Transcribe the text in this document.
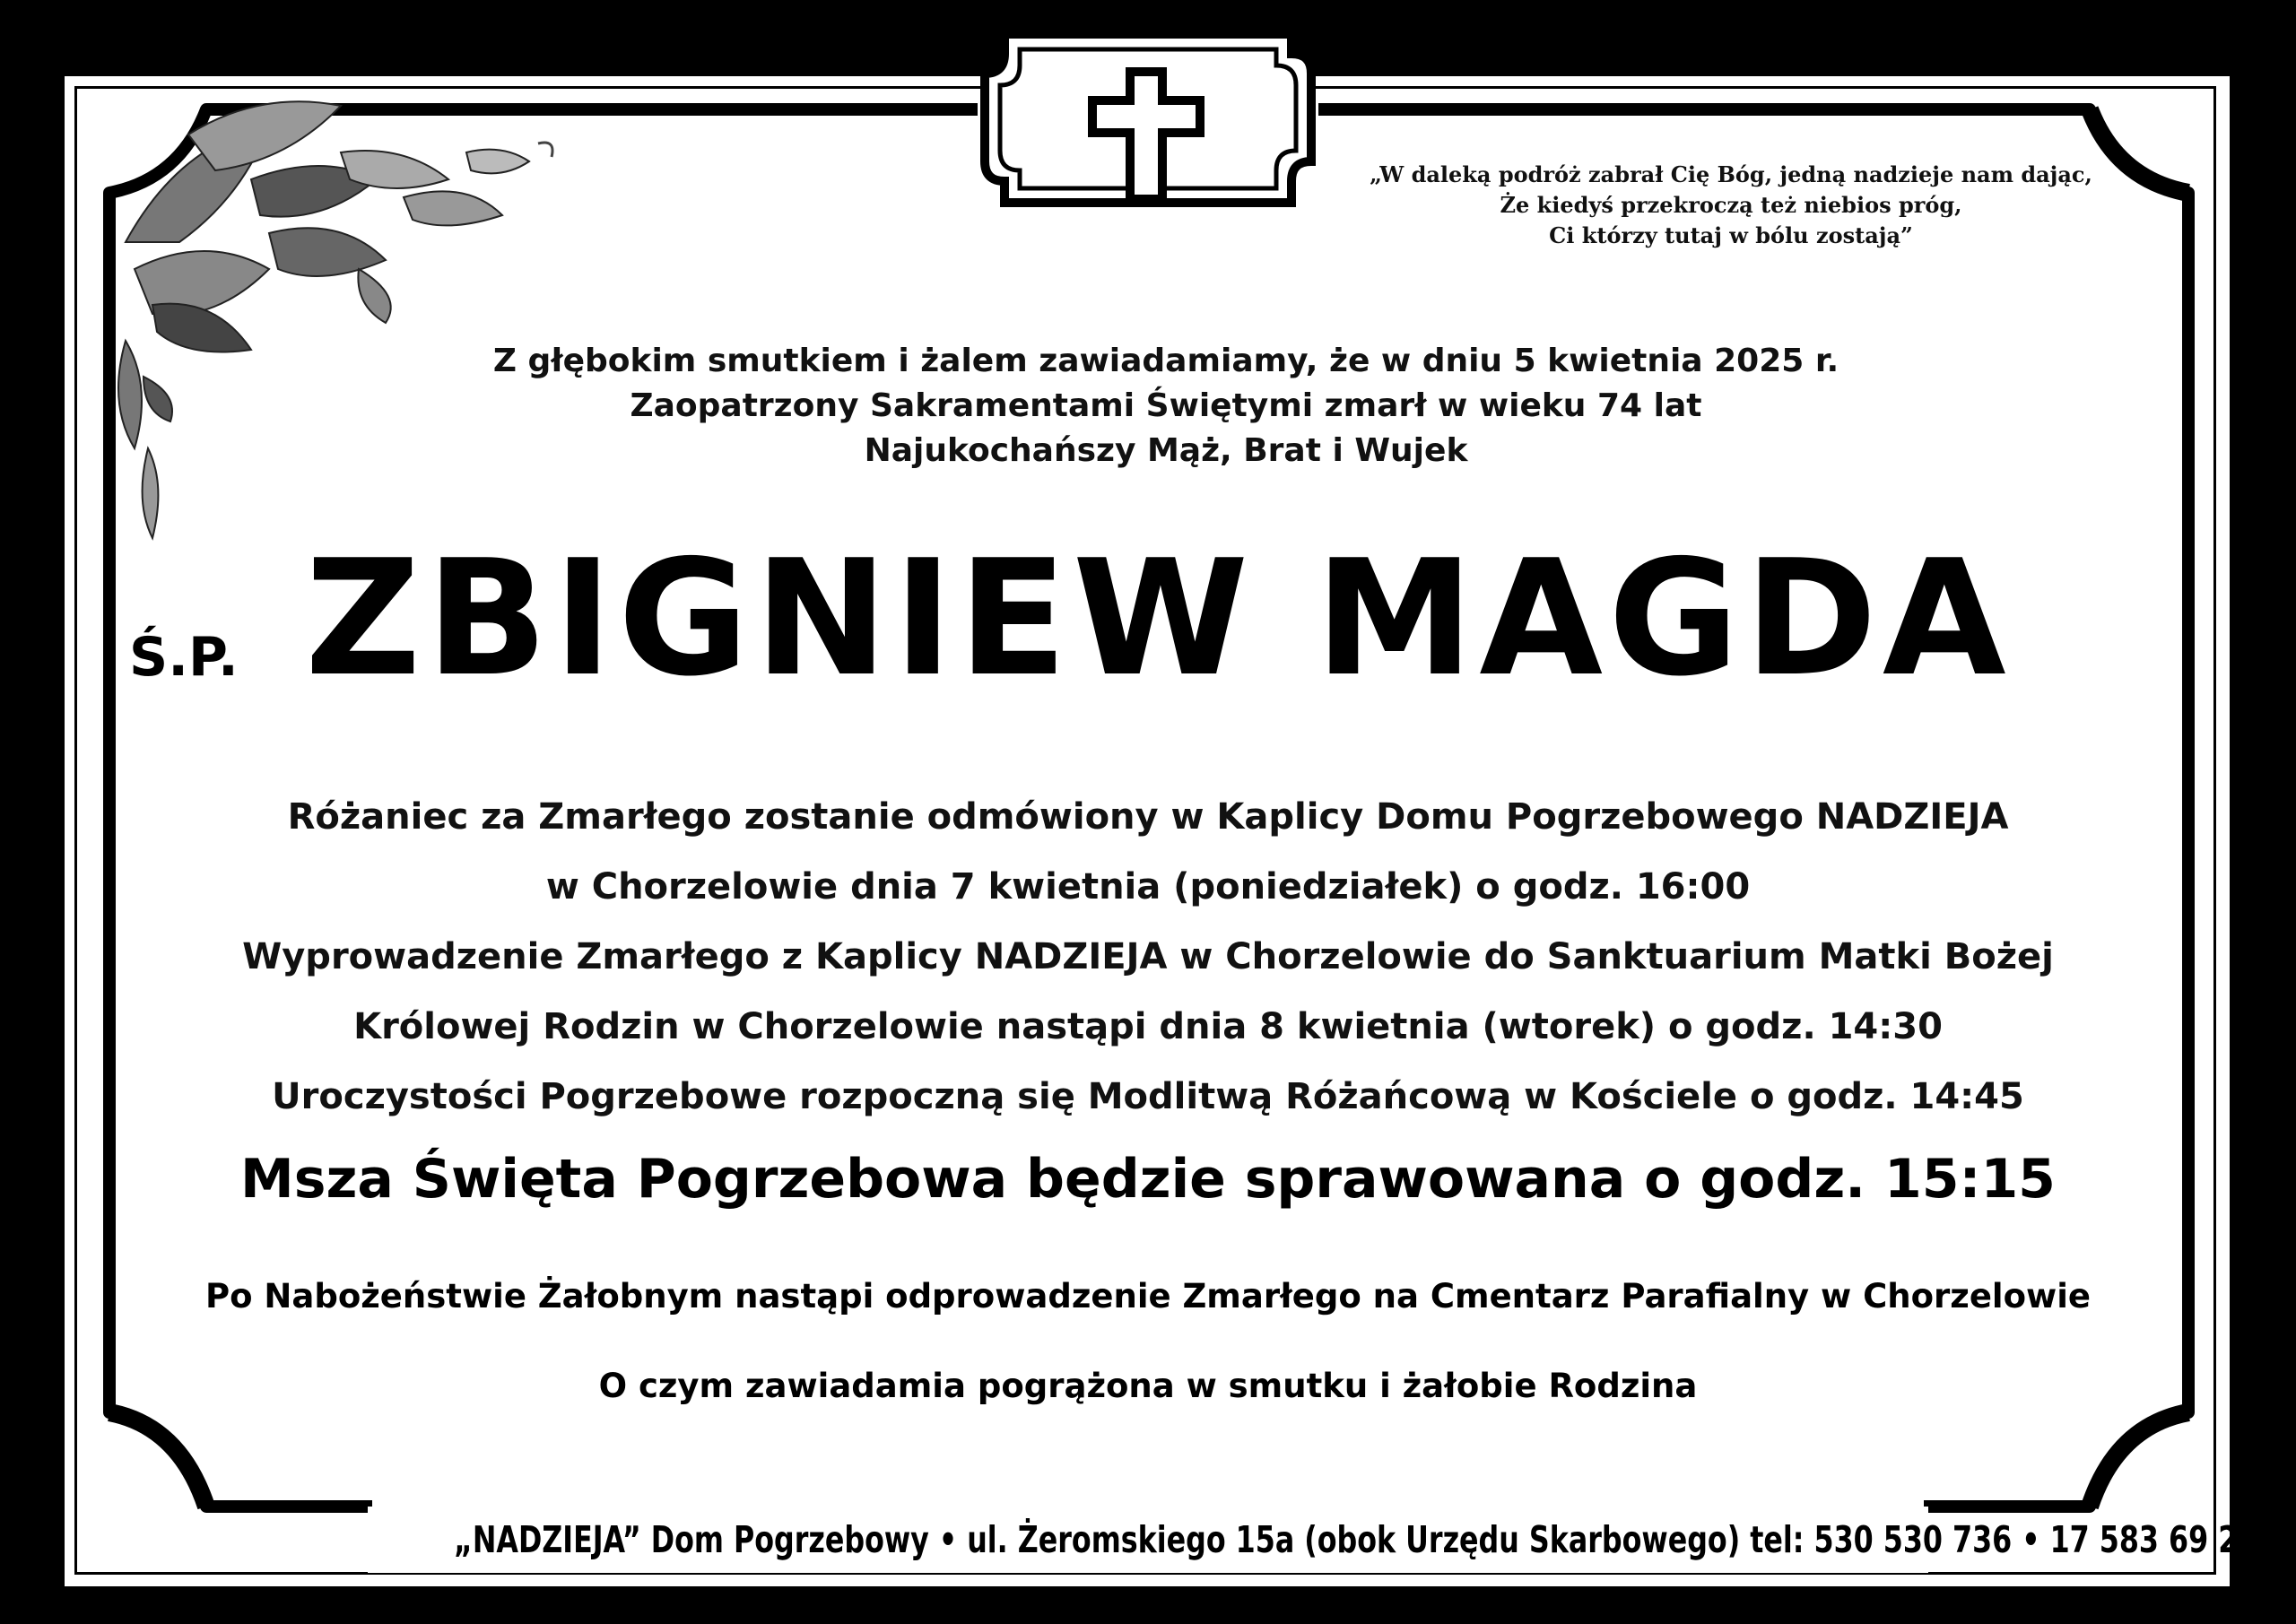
„W daleką podróż zabrał Cię Bóg, jedną nadzieje nam dając,
Że kiedyś przekroczą też niebios próg,
Ci którzy tutaj w bólu zostają”
Z głębokim smutkiem i żalem zawiadamiamy, że w dniu 5 kwietnia 2025 r.
Zaopatrzony Sakramentami Świętymi zmarł w wieku 74 lat
Najukochańszy Mąż, Brat i Wujek
Ś.P. ZBIGNIEW MAGDA
Różaniec za Zmarłego zostanie odmówiony w Kaplicy Domu Pogrzebowego NADZIEJA
w Chorzelowie dnia 7 kwietnia (poniedziałek) o godz. 16:00
Wyprowadzenie Zmarłego z Kaplicy NADZIEJA w Chorzelowie do Sanktuarium Matki Bożej
Królowej Rodzin w Chorzelowie nastąpi dnia 8 kwietnia (wtorek) o godz. 14:30
Uroczystości Pogrzebowe rozpoczną się Modlitwą Różańcową w Kościele o godz. 14:45
Msza Święta Pogrzebowa będzie sprawowana o godz. 15:15
Po Nabożeństwie Żałobnym nastąpi odprowadzenie Zmarłego na Cmentarz Parafialny w Chorzelowie
O czym zawiadamia pogrążona w smutku i żałobie Rodzina
„NADZIEJA” Dom Pogrzebowy • ul. Żeromskiego 15a (obok Urzędu Skarbowego) tel: 530 530 736 • 17 583 69 29
